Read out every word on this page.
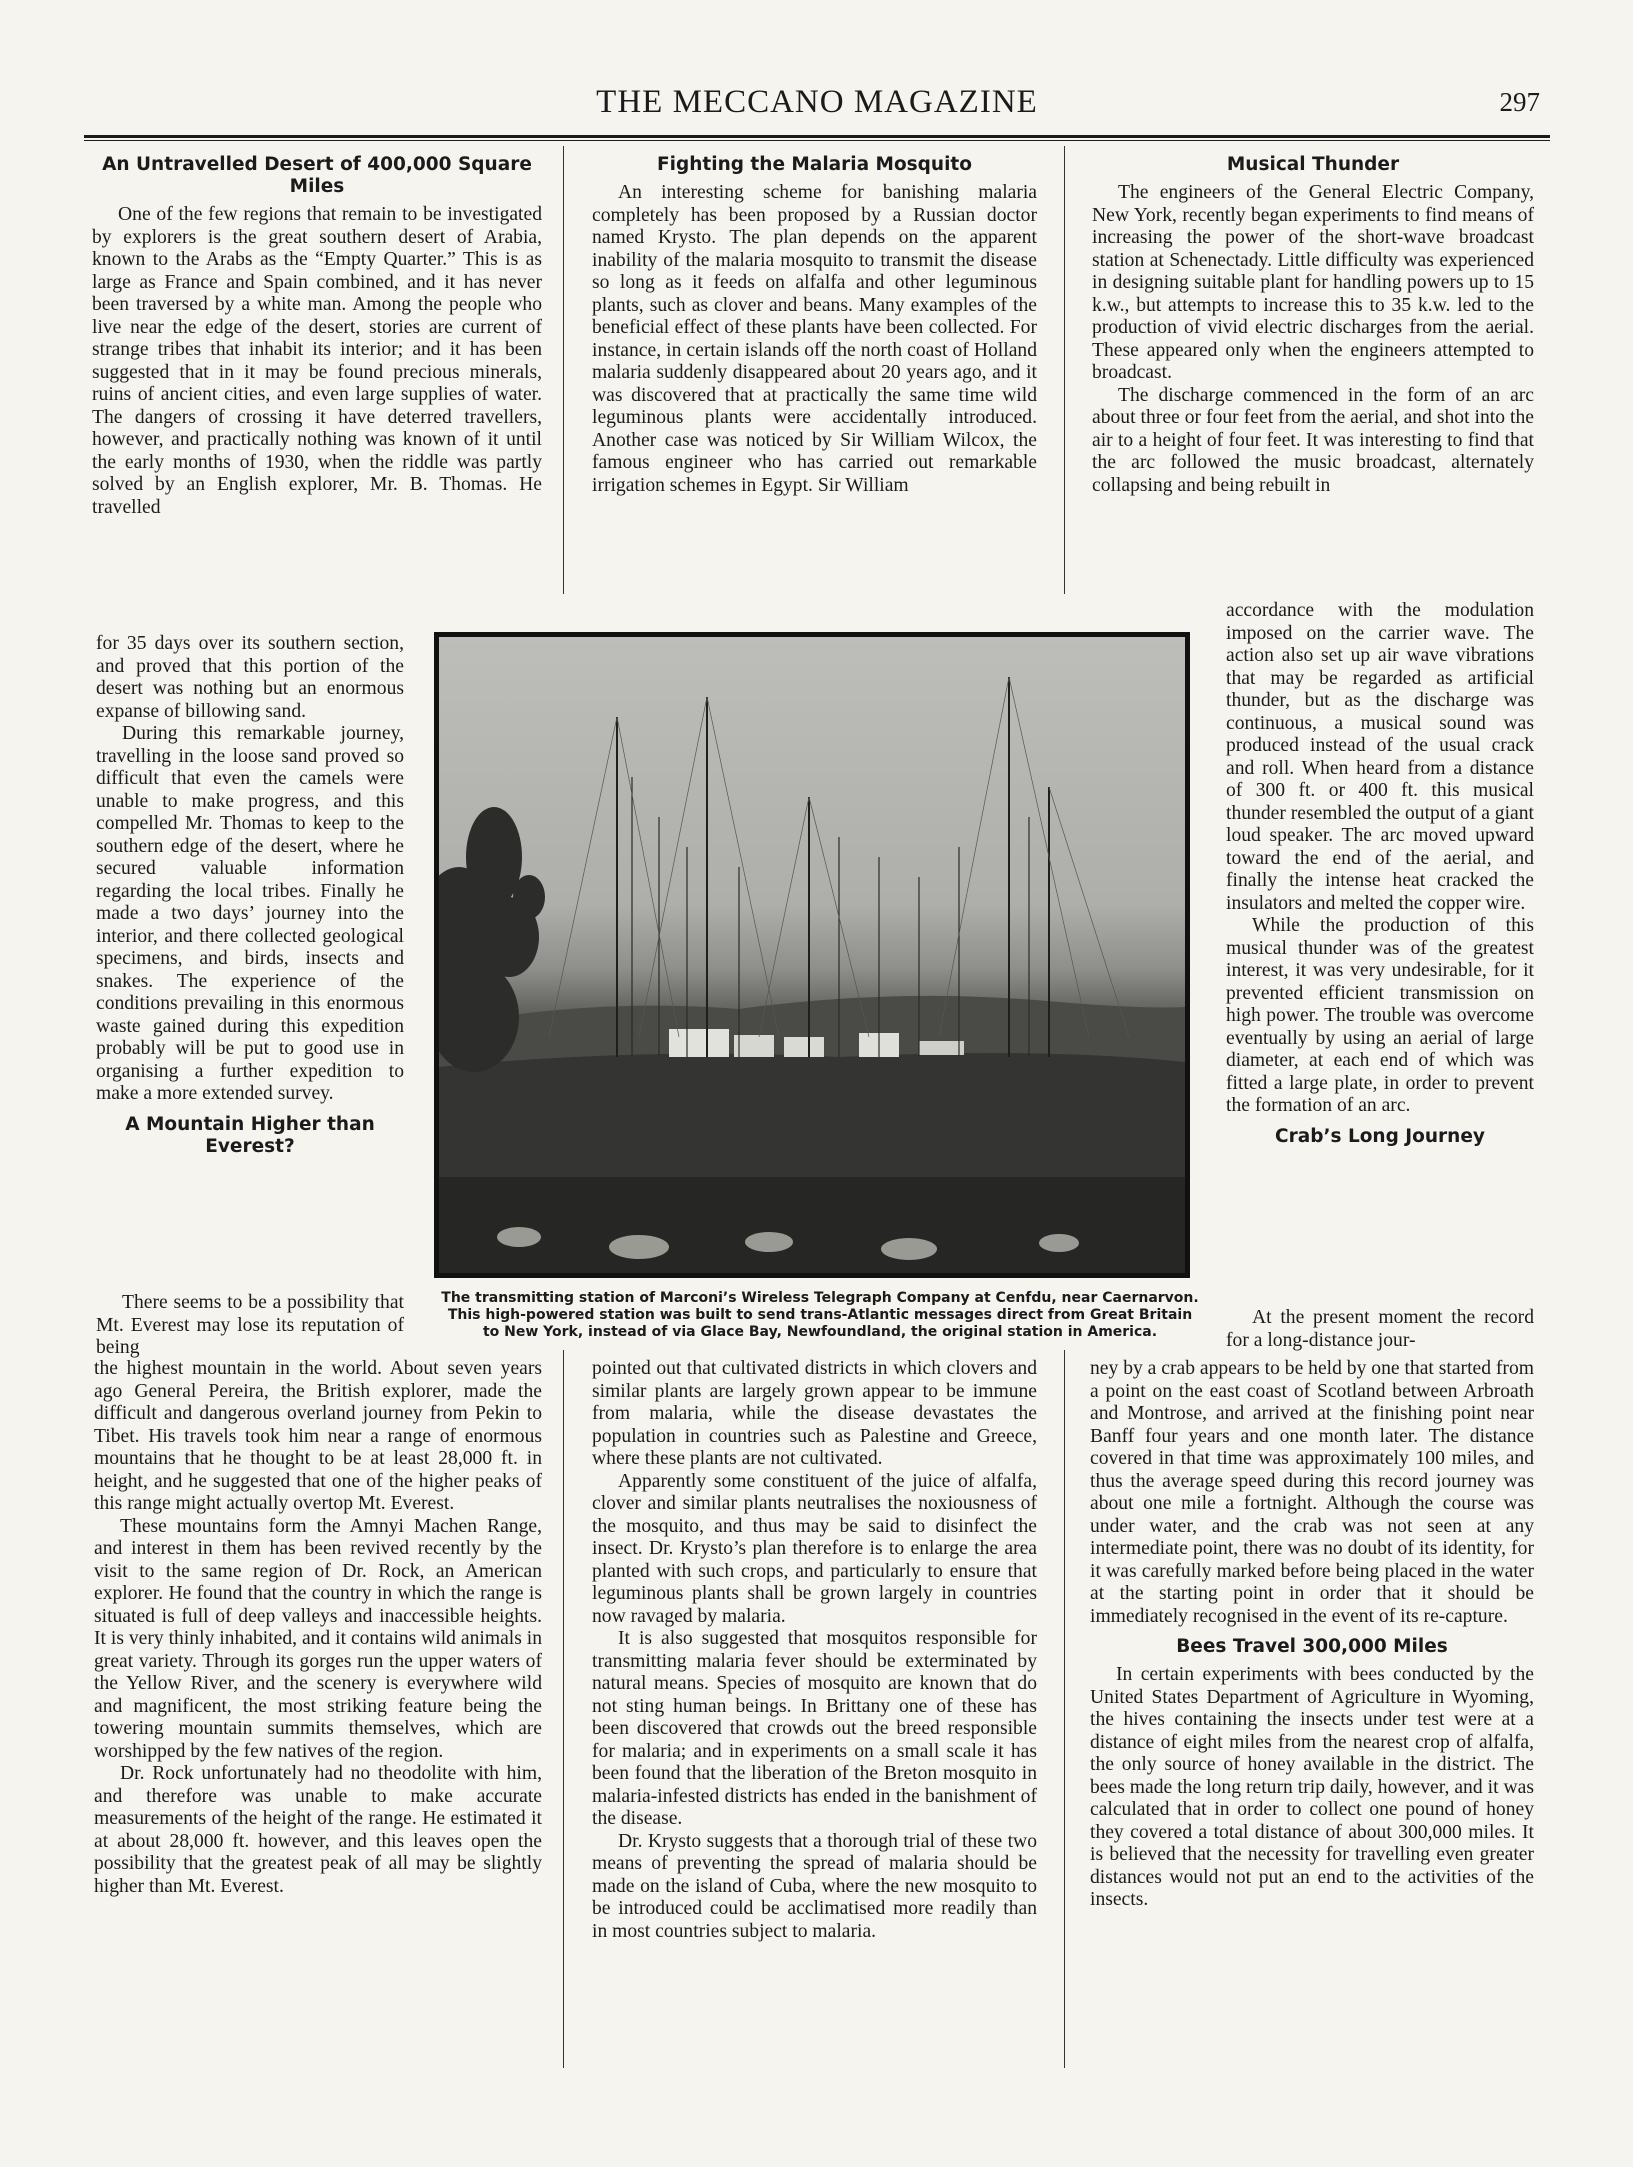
THE MECCANO MAGAZINE	297
An Untravelled Desert of 400,000 Square Miles

One of the few regions that remain to be investigated by explorers is the great southern desert of Arabia, known to the Arabs as the “Empty Quarter.” This is as large as France and Spain combined, and it has never been traversed by a white man. Among the people who live near the edge of the desert, stories are current of strange tribes that inhabit its interior; and it has been suggested that in it may be found precious minerals, ruins of ancient cities, and even large supplies of water. The dangers of crossing it have deterred travellers, however, and practically nothing was known of it until the early months of 1930, when the riddle was partly solved by an English explorer, Mr. B. Thomas. He travelled

for 35 days over its southern section, and proved that this portion of the desert was nothing but an enormous expanse of billowing sand.

During this remarkable journey, travelling in the loose sand proved so difficult that even the camels were unable to make progress, and this compelled Mr. Thomas to keep to the southern edge of the desert, where he secured valuable information regarding the local tribes. Finally he made a two days’ journey into the interior, and there collected geological specimens, and birds, insects and snakes. The experience of the conditions prevailing in this enormous waste gained during this expedition probably will be put to good use in organising a further expedition to make a more extended survey.

A Mountain Higher than Everest?

There seems to be a possibility that Mt. Everest may lose its reputation of being

the highest mountain in the world. About seven years ago General Pereira, the British explorer, made the difficult and dangerous overland journey from Pekin to Tibet. His travels took him near a range of enormous mountains that he thought to be at least 28,000 ft. in height, and he suggested that one of the higher peaks of this range might actually overtop Mt. Everest.

These mountains form the Amnyi Machen Range, and interest in them has been revived recently by the visit to the same region of Dr. Rock, an American explorer. He found that the country in which the range is situated is full of deep valleys and inaccessible heights. It is very thinly inhabited, and it contains wild animals in great variety. Through its gorges run the upper waters of the Yellow River, and the scenery is everywhere wild and magnificent, the most striking feature being the towering mountain summits themselves, which are worshipped by the few natives of the region.

Dr. Rock unfortunately had no theodolite with him, and therefore was unable to make accurate measurements of the height of the range. He estimated it at about 28,000 ft. however, and this leaves open the possibility that the greatest peak of all may be slightly higher than Mt. Everest.

Fighting the Malaria Mosquito

An interesting scheme for banishing malaria completely has been proposed by a Russian doctor named Krysto. The plan depends on the apparent inability of the malaria mosquito to transmit the disease so long as it feeds on alfalfa and other leguminous plants, such as clover and beans. Many examples of the beneficial effect of these plants have been collected. For instance, in certain islands off the north coast of Holland malaria suddenly disappeared about 20 years ago, and it was discovered that at practically the same time wild leguminous plants were accidentally introduced. Another case was noticed by Sir William Wilcox, the famous engineer who has carried out remarkable irrigation schemes in Egypt. Sir William

pointed out that cultivated districts in which clovers and similar plants are largely grown appear to be immune from malaria, while the disease devastates the population in countries such as Palestine and Greece, where these plants are not cultivated.

Apparently some constituent of the juice of alfalfa, clover and similar plants neutralises the noxiousness of the mosquito, and thus may be said to disinfect the insect. Dr. Krysto’s plan therefore is to enlarge the area planted with such crops, and particularly to ensure that leguminous plants shall be grown largely in countries now ravaged by malaria.

It is also suggested that mosquitos responsible for transmitting malaria fever should be exterminated by natural means. Species of mosquito are known that do not sting human beings. In Brittany one of these has been discovered that crowds out the breed responsible for malaria; and in experiments on a small scale it has been found that the liberation of the Breton mosquito in malaria-infested districts has ended in the banishment of the disease.

Dr. Krysto suggests that a thorough trial of these two means of preventing the spread of malaria should be made on the island of Cuba, where the new mosquito to be introduced could be acclimatised more readily than in most countries subject to malaria.

Musical Thunder

The engineers of the General Electric Company, New York, recently began experiments to find means of increasing the power of the short-wave broadcast station at Schenectady. Little difficulty was experienced in designing suitable plant for handling powers up to 15 k.w., but attempts to increase this to 35 k.w. led to the production of vivid electric discharges from the aerial. These appeared only when the engineers attempted to broadcast.

The discharge commenced in the form of an arc about three or four feet from the aerial, and shot into the air to a height of four feet. It was interesting to find that the arc followed the music broadcast, alternately collapsing and being rebuilt in

accordance with the modulation imposed on the carrier wave. The action also set up air wave vibrations that may be regarded as artificial thunder, but as the discharge was continuous, a musical sound was produced instead of the usual crack and roll. When heard from a distance of 300 ft. or 400 ft. this musical thunder resembled the output of a giant loud speaker. The arc moved upward toward the end of the aerial, and finally the intense heat cracked the insulators and melted the copper wire.

While the production of this musical thunder was of the greatest interest, it was very undesirable, for it prevented efficient transmission on high power. The trouble was overcome eventually by using an aerial of large diameter, at each end of which was fitted a large plate, in order to prevent the formation of an arc.

Crab’s Long Journey

At the present moment the record for a long-distance jour-

ney by a crab appears to be held by one that started from a point on the east coast of Scotland between Arbroath and Montrose, and arrived at the finishing point near Banff four years and one month later. The distance covered in that time was approximately 100 miles, and thus the average speed during this record journey was about one mile a fortnight. Although the course was under water, and the crab was not seen at any intermediate point, there was no doubt of its identity, for it was carefully marked before being placed in the water at the starting point in order that it should be immediately recognised in the event of its re-capture.

Bees Travel 300,000 Miles

In certain experiments with bees conducted by the United States Department of Agriculture in Wyoming, the hives containing the insects under test were at a distance of eight miles from the nearest crop of alfalfa, the only source of honey available in the district. The bees made the long return trip daily, however, and it was calculated that in order to collect one pound of honey they covered a total distance of about 300,000 miles. It is believed that the necessity for travelling even greater distances would not put an end to the activities of the insects.

The transmitting station of Marconi’s Wireless Telegraph Company at Cenfdu, near Caernarvon.
This high-powered station was built to send trans-Atlantic messages direct from Great Britain
to New York, instead of via Glace Bay, Newfoundland, the original station in America.
